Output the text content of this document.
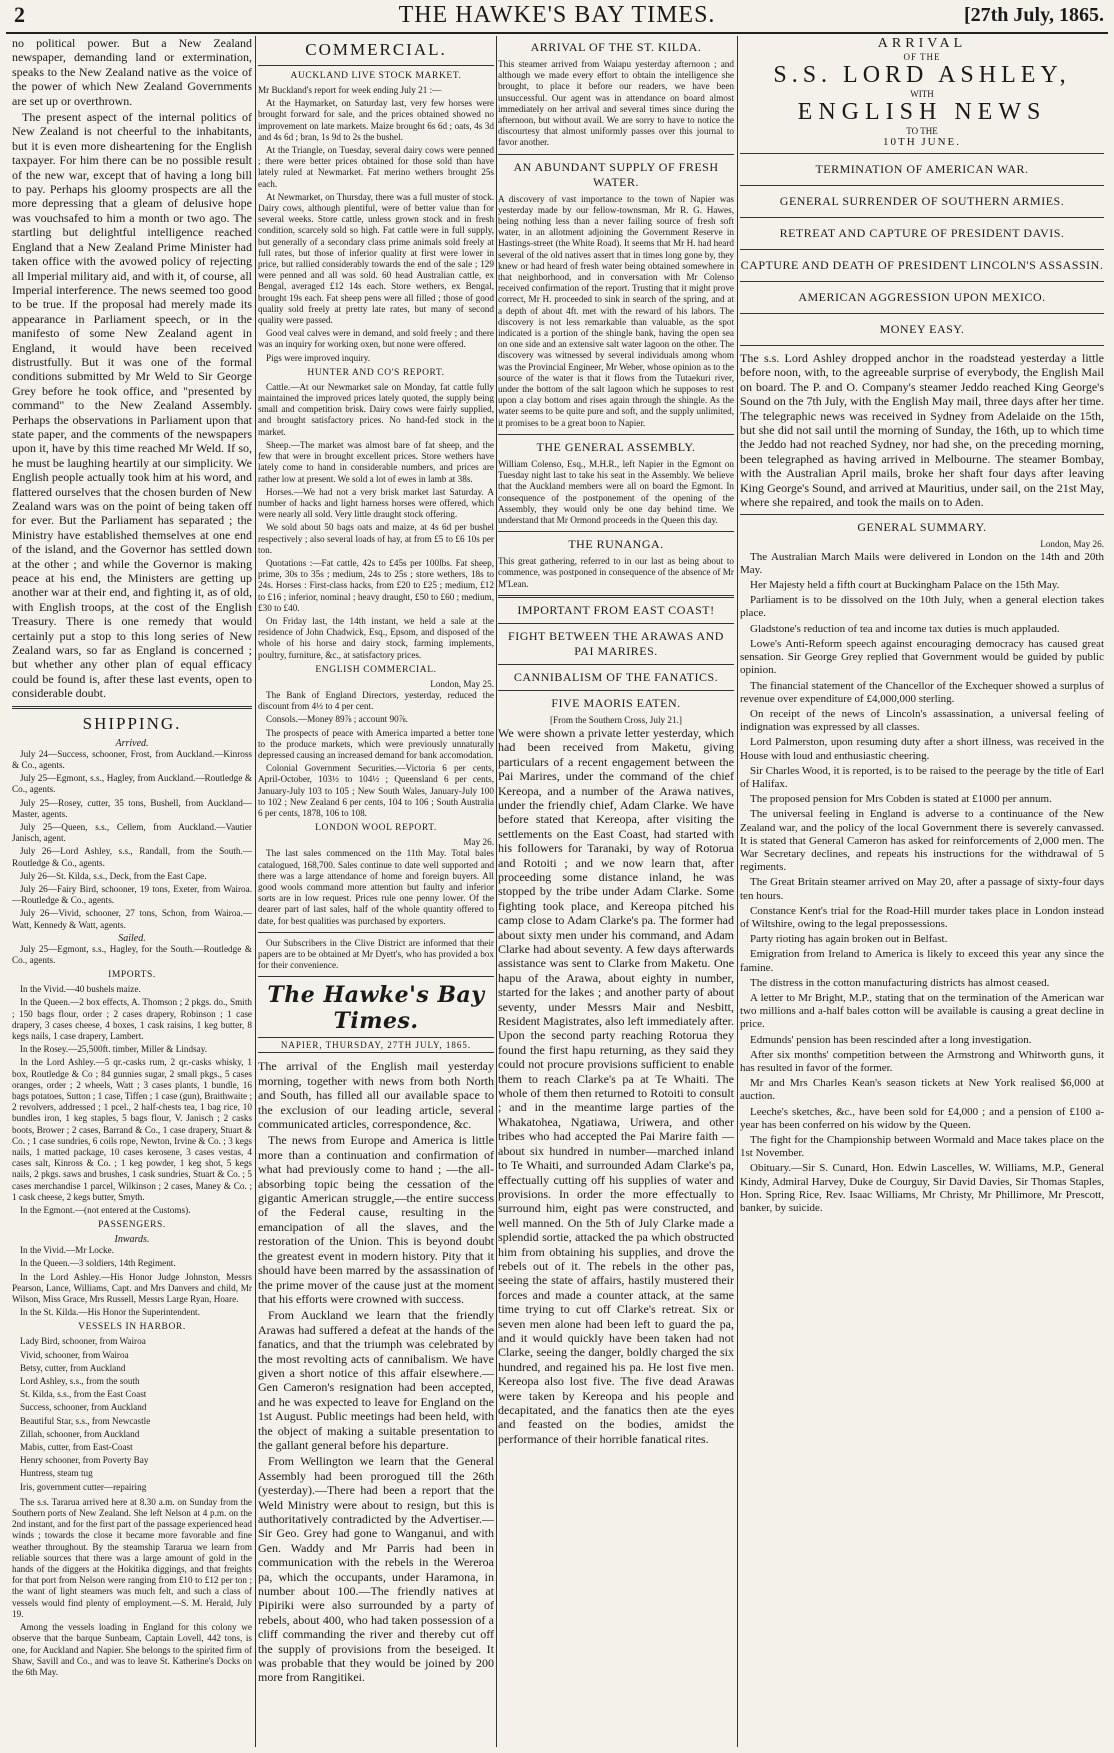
2	THE HAWKE'S BAY TIMES.	[27th July, 1865.

no political power. But a New Zealand newspaper, demanding land or extermination, speaks to the New Zealand native as the voice of the power of which New Zealand Governments are set up or overthrown.

The present aspect of the internal politics of New Zealand is not cheerful to the inhabitants, but it is even more disheartening for the English taxpayer. For him there can be no possible result of the new war, except that of having a long bill to pay. Perhaps his gloomy prospects are all the more depressing that a gleam of delusive hope was vouchsafed to him a month or two ago. The startling but delightful intelligence reached England that a New Zealand Prime Minister had taken office with the avowed policy of rejecting all Imperial military aid, and with it, of course, all Imperial interference. The news seemed too good to be true. If the proposal had merely made its appearance in Parliament speech, or in the manifesto of some New Zealand agent in England, it would have been received distrustfully. But it was one of the formal conditions submitted by Mr Weld to Sir George Grey before he took office, and "presented by command" to the New Zealand Assembly. Perhaps the observations in Parliament upon that state paper, and the comments of the newspapers upon it, have by this time reached Mr Weld. If so, he must be laughing heartily at our simplicity. We English people actually took him at his word, and flattered ourselves that the chosen burden of New Zealand wars was on the point of being taken off for ever. But the Parliament has separated ; the Ministry have established themselves at one end of the island, and the Governor has settled down at the other ; and while the Governor is making peace at his end, the Ministers are getting up another war at their end, and fighting it, as of old, with English troops, at the cost of the English Treasury. There is one remedy that would certainly put a stop to this long series of New Zealand wars, so far as England is concerned ; but whether any other plan of equal efficacy could be found is, after these last events, open to considerable doubt.

SHIPPING.
Arrived.

July 24—Success, schooner, Frost, from Auckland.—Kinross & Co., agents.

July 25—Egmont, s.s., Hagley, from Auckland.—Routledge & Co., agents.

July 25—Rosey, cutter, 35 tons, Bushell, from Auckland—Master, agents.

July 25—Queen, s.s., Cellem, from Auckland.—Vautier Janisch, agent.

July 26—Lord Ashley, s.s., Randall, from the South.—Routledge & Co., agents.

July 26—St. Kilda, s.s., Deck, from the East Cape.

July 26—Fairy Bird, schooner, 19 tons, Exeter, from Wairoa.—Routledge & Co., agents.

July 26—Vivid, schooner, 27 tons, Schon, from Wairoa.—Watt, Kennedy & Watt, agents.

Sailed.

July 25—Egmont, s.s., Hagley, for the South.—Routledge & Co., agents.

IMPORTS.

In the Vivid.—40 bushels maize.

In the Queen.—2 box effects, A. Thomson ; 2 pkgs. do., Smith ; 150 bags flour, order ; 2 cases drapery, Robinson ; 1 case drapery, 3 cases cheese, 4 boxes, 1 cask raisins, 1 keg butter, 8 kegs nails, 1 case drapery, Lambert.

In the Rosey.—25,500ft. timber, Miller & Lindsay.

In the Lord Ashley.—5 qr.-casks rum, 2 qr.-casks whisky, 1 box, Routledge & Co ; 84 gunnies sugar, 2 small pkgs., 5 cases oranges, order ; 2 wheels, Watt ; 3 cases plants, 1 bundle, 16 bags potatoes, Sutton ; 1 case, Tiffen ; 1 case (gun), Braithwaite ; 2 revolvers, addressed ; 1 pcel., 2 half-chests tea, 1 bag rice, 10 bundles iron, 1 keg staples, 5 bags flour, V. Janisch ; 2 casks boots, Brower ; 2 cases, Barrand & Co., 1 case drapery, Stuart & Co. ; 1 case sundries, 6 coils rope, Newton, Irvine & Co. ; 3 kegs nails, 1 matted package, 10 cases kerosene, 3 cases vestas, 4 cases salt, Kinross & Co. ; 1 keg powder, 1 keg shot, 5 kegs nails, 2 pkgs. saws and brushes, 1 cask sundries, Stuart & Co. ; 5 cases merchandise 1 parcel, Wilkinson ; 2 cases, Maney & Co. ; 1 cask cheese, 2 kegs butter, Smyth.

In the Egmont.—(not entered at the Customs).

PASSENGERS.
Inwards.

In the Vivid.—Mr Locke.

In the Queen.—3 soldiers, 14th Regiment.

In the Lord Ashley.—His Honor Judge Johnston, Messrs Pearson, Lance, Williams, Capt. and Mrs Danvers and child, Mr Wilson, Miss Grace, Mrs Russell, Messrs Large Ryan, Hoare.

In the St. Kilda.—His Honor the Superintendent.

VESSELS IN HARBOR.

Lady Bird, schooner, from Wairoa

Vivid, schooner, from Wairoa

Betsy, cutter, from Auckland

Lord Ashley, s.s., from the south

St. Kilda, s.s., from the East Coast

Success, schooner, from Auckland

Beautiful Star, s.s., from Newcastle

Zillah, schooner, from Auckland

Mabis, cutter, from East-Coast

Henry schooner, from Poverty Bay

Huntress, steam tug

Iris, government cutter—repairing

The s.s. Tararua arrived here at 8.30 a.m. on Sunday from the Southern ports of New Zealand. She left Nelson at 4 p.m. on the 2nd instant, and for the first part of the passage experienced head winds ; towards the close it became more favorable and fine weather throughout. By the steamship Tararua we learn from reliable sources that there was a large amount of gold in the hands of the diggers at the Hokitika diggings, and that freights for that port from Nelson were ranging from £10 to £12 per ton ; the want of light steamers was much felt, and such a class of vessels would find plenty of employment.—S. M. Herald, July 19.

Among the vessels loading in England for this colony we observe that the barque Sunbeam, Captain Lovell, 442 tons, is one, for Auckland and Napier. She belongs to the spirited firm of Shaw, Savill and Co., and was to leave St. Katherine's Docks on the 6th May.

COMMERCIAL.
AUCKLAND LIVE STOCK MARKET.

Mr Buckland's report for week ending July 21 :—

At the Haymarket, on Saturday last, very few horses were brought forward for sale, and the prices obtained showed no improvement on late markets. Maize brought 6s 6d ; oats, 4s 3d and 4s 6d ; bran, 1s 9d to 2s the bushel.

At the Triangle, on Tuesday, several dairy cows were penned ; there were better prices obtained for those sold than have lately ruled at Newmarket. Fat merino wethers brought 25s each.

At Newmarket, on Thursday, there was a full muster of stock. Dairy cows, although plentiful, were of better value than for several weeks. Store cattle, unless grown stock and in fresh condition, scarcely sold so high. Fat cattle were in full supply, but generally of a secondary class prime animals sold freely at full rates, but those of inferior quality at first were lower in price, but rallied considerably towards the end of the sale ; 129 were penned and all was sold. 60 head Australian cattle, ex Bengal, averaged £12 14s each. Store wethers, ex Bengal, brought 19s each. Fat sheep pens were all filled ; those of good quality sold freely at pretty late rates, but many of second quality were passed.

Good veal calves were in demand, and sold freely ; and there was an inquiry for working oxen, but none were offered.

Pigs were improved inquiry.

HUNTER AND CO'S REPORT.

Cattle.—At our Newmarket sale on Monday, fat cattle fully maintained the improved prices lately quoted, the supply being small and competition brisk. Dairy cows were fairly supplied, and brought satisfactory prices. No hand-fed stock in the market.

Sheep.—The market was almost bare of fat sheep, and the few that were in brought excellent prices. Store wethers have lately come to hand in considerable numbers, and prices are rather low at present. We sold a lot of ewes in lamb at 38s.

Horses.—We had not a very brisk market last Saturday. A number of hacks and light harness horses were offered, which were nearly all sold. Very little draught stock offering.

We sold about 50 bags oats and maize, at 4s 6d per bushel respectively ; also several loads of hay, at from £5 to £6 10s per ton.

Quotations :—Fat cattle, 42s to £45s per 100lbs. Fat sheep, prime, 30s to 35s ; medium, 24s to 25s ; store wethers, 18s to 24s. Horses : First-class hacks, from £20 to £25 ; medium, £12 to £16 ; inferior, nominal ; heavy draught, £50 to £60 ; medium, £30 to £40.

On Friday last, the 14th instant, we held a sale at the residence of John Chadwick, Esq., Epsom, and disposed of the whole of his horse and dairy stock, farming implements, poultry, furniture, &c., at satisfactory prices.

ENGLISH COMMERCIAL.
London, May 25.

The Bank of England Directors, yesterday, reduced the discount from 4½ to 4 per cent.

Consols.—Money 89⅞ ; account 90⅞.

The prospects of peace with America imparted a better tone to the produce markets, which were previously unnaturally depressed causing an increased demand for bank accomodation.

Colonial Government Securities.—Victoria 6 per cents, April-October, 103½ to 104½ ; Queensland 6 per cents, January-July 103 to 105 ; New South Wales, January-July 100 to 102 ; New Zealand 6 per cents, 104 to 106 ; South Australia 6 per cents, 1878, 106 to 108.

LONDON WOOL REPORT.
May 26.

The last sales commenced on the 11th May. Total bales catalogued, 168,700. Sales continue to date well supported and there was a large attendance of home and foreign buyers. All good wools command more attention but faulty and inferior sorts are in low request. Prices rule one penny lower. Of the dearer part of last sales, half of the whole quantity offered to date, for best qualities was purchased by exporters.

Our Subscribers in the Clive District are informed that their papers are to be obtained at Mr Dyett's, who has provided a box for their convenience.

The Hawke's Bay Times.
NAPIER, THURSDAY, 27TH JULY, 1865.

The arrival of the English mail yesterday morning, together with news from both North and South, has filled all our available space to the exclusion of our leading article, several communicated articles, correspondence, &c.

The news from Europe and America is little more than a continuation and confirmation of what had previously come to hand ; —the all-absorbing topic being the cessation of the gigantic American struggle,—the entire success of the Federal cause, resulting in the emancipation of all the slaves, and the restoration of the Union. This is beyond doubt the greatest event in modern history. Pity that it should have been marred by the assassination of the prime mover of the cause just at the moment that his efforts were crowned with success.

From Auckland we learn that the friendly Arawas had suffered a defeat at the hands of the fanatics, and that the triumph was celebrated by the most revolting acts of cannibalism. We have given a short notice of this affair elsewhere.—Gen Cameron's resignation had been accepted, and he was expected to leave for England on the 1st August. Public meetings had been held, with the object of making a suitable presentation to the gallant general before his departure.

From Wellington we learn that the General Assembly had been prorogued till the 26th (yesterday).—There had been a report that the Weld Ministry were about to resign, but this is authoritatively contradicted by the Advertiser.—Sir Geo. Grey had gone to Wanganui, and with Gen. Waddy and Mr Parris had been in communication with the rebels in the Wereroa pa, which the occupants, under Haramona, in number about 100.—The friendly natives at Pipiriki were also surrounded by a party of rebels, about 400, who had taken possession of a cliff commanding the river and thereby cut off the supply of provisions from the beseiged. It was probable that they would be joined by 200 more from Rangitikei.

ARRIVAL OF THE ST. KILDA.

This steamer arrived from Waiapu yesterday afternoon ; and although we made every effort to obtain the intelligence she brought, to place it before our readers, we have been unsuccessful. Our agent was in attendance on board almost immediately on her arrival and several times since during the afternoon, but without avail. We are sorry to have to notice the discourtesy that almost uniformly passes over this journal to favor another.

AN ABUNDANT SUPPLY OF FRESH WATER.

A discovery of vast importance to the town of Napier was yesterday made by our fellow-townsman, Mr R. G. Hawes, being nothing less than a never failing source of fresh soft water, in an allotment adjoining the Government Reserve in Hastings-street (the White Road). It seems that Mr H. had heard several of the old natives assert that in times long gone by, they knew or had heard of fresh water being obtained somewhere in that neighborhood, and in conversation with Mr Colenso received confirmation of the report. Trusting that it might prove correct, Mr H. proceeded to sink in search of the spring, and at a depth of about 4ft. met with the reward of his labors. The discovery is not less remarkable than valuable, as the spot indicated is a portion of the shingle bank, having the open sea on one side and an extensive salt water lagoon on the other. The discovery was witnessed by several individuals among whom was the Provincial Engineer, Mr Weber, whose opinion as to the source of the water is that it flows from the Tutaekuri river, under the bottom of the salt lagoon which he supposes to rest upon a clay bottom and rises again through the shingle. As the water seems to be quite pure and soft, and the supply unlimited, it promises to be a great boon to Napier.

THE GENERAL ASSEMBLY.

William Colenso, Esq., M.H.R., left Napier in the Egmont on Tuesday night last to take his seat in the Assembly. We believe that the Auckland members were all on board the Egmont. In consequence of the postponement of the opening of the Assembly, they would only be one day behind time. We understand that Mr Ormond proceeds in the Queen this day.

THE RUNANGA.

This great gathering, referred to in our last as being about to commence, was postponed in consequence of the absence of Mr M'Lean.

IMPORTANT FROM EAST COAST!
FIGHT BETWEEN THE ARAWAS AND PAI MARIRES.
CANNIBALISM OF THE FANATICS.
FIVE MAORIS EATEN.
[From the Southern Cross, July 21.]

We were shown a private letter yesterday, which had been received from Maketu, giving particulars of a recent engagement between the Pai Marires, under the command of the chief Kereopa, and a number of the Arawa natives, under the friendly chief, Adam Clarke. We have before stated that Kereopa, after visiting the settlements on the East Coast, had started with his followers for Taranaki, by way of Rotorua and Rotoiti ; and we now learn that, after proceeding some distance inland, he was stopped by the tribe under Adam Clarke. Some fighting took place, and Kereopa pitched his camp close to Adam Clarke's pa. The former had about sixty men under his command, and Adam Clarke had about seventy. A few days afterwards assistance was sent to Clarke from Maketu. One hapu of the Arawa, about eighty in number, started for the lakes ; and another party of about seventy, under Messrs Mair and Nesbitt, Resident Magistrates, also left immediately after. Upon the second party reaching Rotorua they found the first hapu returning, as they said they could not procure provisions sufficient to enable them to reach Clarke's pa at Te Whaiti. The whole of them then returned to Rotoiti to consult ; and in the meantime large parties of the Whakatohea, Ngatiawa, Uriwera, and other tribes who had accepted the Pai Marire faith —about six hundred in number—marched inland to Te Whaiti, and surrounded Adam Clarke's pa, effectually cutting off his supplies of water and provisions. In order the more effectually to surround him, eight pas were constructed, and well manned. On the 5th of July Clarke made a splendid sortie, attacked the pa which obstructed him from obtaining his supplies, and drove the rebels out of it. The rebels in the other pas, seeing the state of affairs, hastily mustered their forces and made a counter attack, at the same time trying to cut off Clarke's retreat. Six or seven men alone had been left to guard the pa, and it would quickly have been taken had not Clarke, seeing the danger, boldly charged the six hundred, and regained his pa. He lost five men. Kereopa also lost five. The five dead Arawas were taken by Kereopa and his people and decapitated, and the fanatics then ate the eyes and feasted on the bodies, amidst the performance of their horrible fanatical rites.

ARRIVAL
OF THE
S.S. LORD ASHLEY,
WITH
ENGLISH NEWS
TO THE
10TH JUNE.
TERMINATION OF AMERICAN WAR.
GENERAL SURRENDER OF SOUTHERN ARMIES.
RETREAT AND CAPTURE OF PRESIDENT DAVIS.
CAPTURE AND DEATH OF PRESIDENT LINCOLN'S ASSASSIN.
AMERICAN AGGRESSION UPON MEXICO.
MONEY EASY.

The s.s. Lord Ashley dropped anchor in the roadstead yesterday a little before noon, with, to the agreeable surprise of everybody, the English Mail on board. The P. and O. Company's steamer Jeddo reached King George's Sound on the 7th July, with the English May mail, three days after her time. The telegraphic news was received in Sydney from Adelaide on the 15th, but she did not sail until the morning of Sunday, the 16th, up to which time the Jeddo had not reached Sydney, nor had she, on the preceding morning, been telegraphed as having arrived in Melbourne. The steamer Bombay, with the Australian April mails, broke her shaft four days after leaving King George's Sound, and arrived at Mauritius, under sail, on the 21st May, where she repaired, and took the mails on to Aden.

GENERAL SUMMARY.
London, May 26.

The Australian March Mails were delivered in London on the 14th and 20th May.

Her Majesty held a fifth court at Buckingham Palace on the 15th May.

Parliament is to be dissolved on the 10th July, when a general election takes place.

Gladstone's reduction of tea and income tax duties is much applauded.

Lowe's Anti-Reform speech against encouraging democracy has caused great sensation. Sir George Grey replied that Government would be guided by public opinion.

The financial statement of the Chancellor of the Exchequer showed a surplus of revenue over expenditure of £4,000,000 sterling.

On receipt of the news of Lincoln's assassination, a universal feeling of indignation was expressed by all classes.

Lord Palmerston, upon resuming duty after a short illness, was received in the House with loud and enthusiastic cheering.

Sir Charles Wood, it is reported, is to be raised to the peerage by the title of Earl of Halifax.

The proposed pension for Mrs Cobden is stated at £1000 per annum.

The universal feeling in England is adverse to a continuance of the New Zealand war, and the policy of the local Government there is severely canvassed. It is stated that General Cameron has asked for reinforcements of 2,000 men. The War Secretary declines, and repeats his instructions for the withdrawal of 5 regiments.

The Great Britain steamer arrived on May 20, after a passage of sixty-four days ten hours.

Constance Kent's trial for the Road-Hill murder takes place in London instead of Wiltshire, owing to the legal prepossessions.

Party rioting has again broken out in Belfast.

Emigration from Ireland to America is likely to exceed this year any since the famine.

The distress in the cotton manufacturing districts has almost ceased.

A letter to Mr Bright, M.P., stating that on the termination of the American war two millions and a-half bales cotton will be available is causing a great decline in price.

Edmunds' pension has been rescinded after a long investigation.

After six months' competition between the Armstrong and Whitworth guns, it has resulted in favor of the former.

Mr and Mrs Charles Kean's season tickets at New York realised $6,000 at auction.

Leeche's sketches, &c., have been sold for £4,000 ; and a pension of £100 a-year has been conferred on his widow by the Queen.

The fight for the Championship between Wormald and Mace takes place on the 1st November.

Obituary.—Sir S. Cunard, Hon. Edwin Lascelles, W. Williams, M.P., General Kindy, Admiral Harvey, Duke de Courguy, Sir David Davies, Sir Thomas Staples, Hon. Spring Rice, Rev. Isaac Williams, Mr Christy, Mr Phillimore, Mr Prescott, banker, by suicide.
